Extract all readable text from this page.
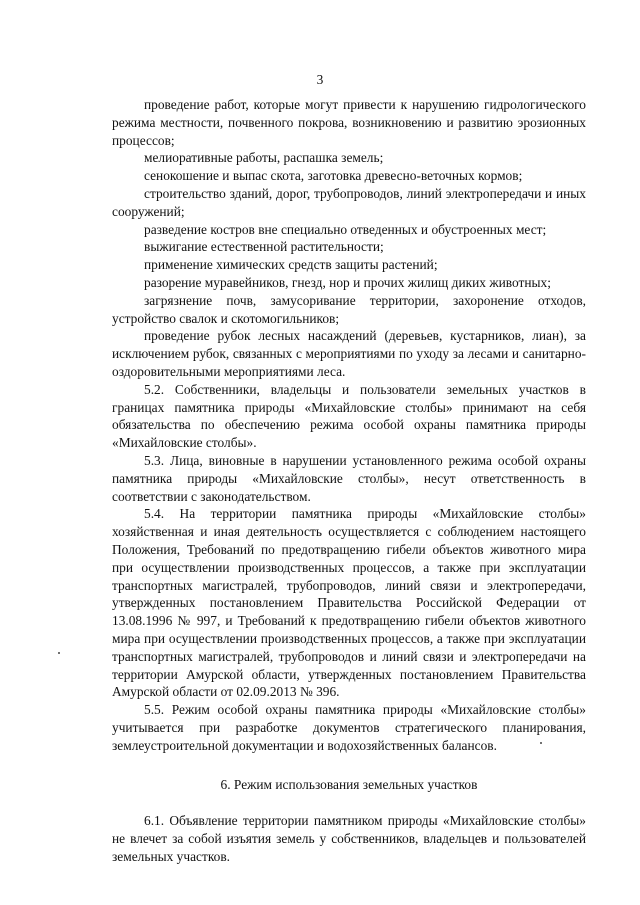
3

проведение работ, которые могут привести к нарушению гидрологического режима местности, почвенного покрова, возникновению и развитию эрозионных процессов;

мелиоративные работы, распашка земель;

сенокошение и выпас скота, заготовка древесно-веточных кормов;

строительство зданий, дорог, трубопроводов, линий электропередачи и иных сооружений;

разведение костров вне специально отведенных и обустроенных мест;

выжигание естественной растительности;

применение химических средств защиты растений;

разорение муравейников, гнезд, нор и прочих жилищ диких животных;

загрязнение почв, замусоривание территории, захоронение отходов, устройство свалок и скотомогильников;

проведение рубок лесных насаждений (деревьев, кустарников, лиан), за исключением рубок, связанных с мероприятиями по уходу за лесами и санитарно-оздоровительными мероприятиями леса.

5.2. Собственники, владельцы и пользователи земельных участков в границах памятника природы «Михайловские столбы» принимают на себя обязательства по обеспечению режима особой охраны памятника природы «Михайловские столбы».

5.3. Лица, виновные в нарушении установленного режима особой охраны памятника природы «Михайловские столбы», несут ответственность в соответствии с законодательством.

5.4. На территории памятника природы «Михайловские столбы» хозяйственная и иная деятельность осуществляется с соблюдением настоящего Положения, Требований по предотвращению гибели объектов животного мира при осуществлении производственных процессов, а также при эксплуатации транспортных магистралей, трубопроводов, линий связи и электропередачи, утвержденных постановлением Правительства Российской Федерации от 13.08.1996 № 997, и Требований к предотвращению гибели объектов животного мира при осуществлении производственных процессов, а также при эксплуатации транспортных магистралей, трубопроводов и линий связи и электропередачи на территории Амурской области, утвержденных постановлением Правительства Амурской области от 02.09.2013 № 396.

5.5. Режим особой охраны памятника природы «Михайловские столбы» учитывается при разработке документов стратегического планирования, землеустроительной документации и водохозяйственных балансов.

6. Режим использования земельных участков

6.1. Объявление территории памятником природы «Михайловские столбы» не влечет за собой изъятия земель у собственников, владельцев и пользователей земельных участков.
